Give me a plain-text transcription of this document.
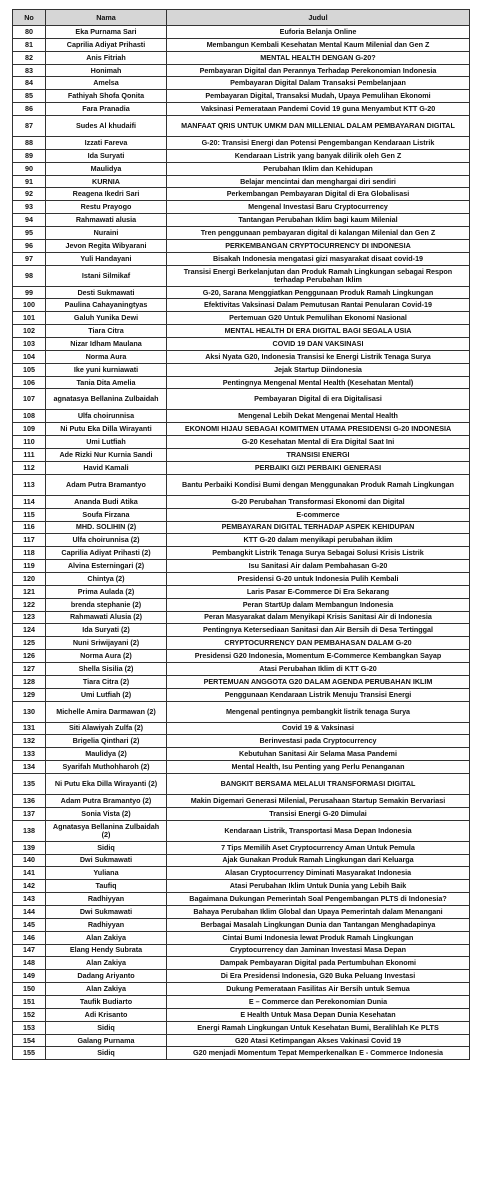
No	Nama	Judul
80	Eka Purnama Sari	Euforia Belanja Online
81	Caprilia Adiyat Prihasti	Membangun Kembali Kesehatan Mental Kaum Milenial dan Gen Z
82	Anis Fitriah	MENTAL HEALTH DENGAN G-20?
83	Honimah	Pembayaran Digital dan Perannya Terhadap Perekonomian Indonesia
84	Amelsa	Pembayaran Digital Dalam Transaksi Pembelanjaan
85	Fathiyah Shofa Qonita	Pembayaran Digital, Transaksi Mudah, Upaya Pemulihan Ekonomi
86	Fara Pranadia	Vaksinasi Pemerataan Pandemi Covid 19 guna Menyambut KTT G-20
87	Sudes Al khudaifi	MANFAAT QRIS UNTUK UMKM DAN MILLENIAL DALAM PEMBAYARAN DIGITAL
88	Izzati Fareva	G-20: Transisi Energi dan Potensi Pengembangan Kendaraan Listrik
89	Ida Suryati	Kendaraan Listrik yang banyak dilirik oleh Gen Z
90	Maulidya	Perubahan Iklim dan Kehidupan
91	KURNIA	Belajar mencintai dan menghargai diri sendiri
92	Reagena Ikedri Sari	Perkembangan Pembayaran Digital di Era Globalisasi
93	Restu Prayogo	Mengenal Investasi Baru Cryptocurrency
94	Rahmawati alusia	Tantangan Perubahan Iklim bagi kaum Milenial
95	Nuraini	Tren penggunaan pembayaran digital di kalangan Milenial dan Gen Z
96	Jevon Regita Wibyarani	PERKEMBANGAN CRYPTOCURRENCY DI INDONESIA
97	Yuli Handayani	Bisakah Indonesia mengatasi gizi masyarakat disaat covid-19
98	Istani Silmikaf	Transisi Energi Berkelanjutan dan Produk Ramah Lingkungan sebagai Respon terhadap Perubahan Iklim
99	Desti Sukmawati	G-20, Sarana Menggiatkan Penggunaan Produk Ramah Lingkungan
100	Paulina Cahayaningtyas	Efektivitas Vaksinasi Dalam Pemutusan Rantai Penularan Covid-19
101	Galuh Yunika Dewi	Pertemuan G20 Untuk Pemulihan Ekonomi Nasional
102	Tiara Citra	MENTAL HEALTH DI ERA DIGITAL BAGI SEGALA USIA
103	Nizar Idham Maulana	COVID 19 DAN VAKSINASI
104	Norma Aura	Aksi Nyata G20, Indonesia Transisi ke Energi Listrik Tenaga Surya
105	Ike yuni kurniawati	Jejak Startup Diindonesia
106	Tania Dita Amelia	Pentingnya Mengenal Mental Health (Kesehatan Mental)
107	agnatasya Bellanina Zulbaidah	Pembayaran Digital di era Digitalisasi
108	Ulfa choirunnisa	Mengenal Lebih Dekat Mengenai Mental Health
109	Ni Putu Eka Dilla Wirayanti	EKONOMI HIJAU SEBAGAI KOMITMEN UTAMA PRESIDENSI G-20 INDONESIA
110	Umi Lutfiah	G-20 Kesehatan Mental di Era Digital Saat Ini
111	Ade Rizki Nur Kurnia Sandi	TRANSISI ENERGI
112	Havid Kamali	PERBAIKI GIZI PERBAIKI GENERASI
113	Adam Putra Bramantyo	Bantu Perbaiki Kondisi Bumi dengan Menggunakan Produk Ramah Lingkungan
114	Ananda Budi Atika	G-20 Perubahan Transformasi Ekonomi dan Digital
115	Soufa Firzana	E-commerce
116	MHD. SOLIHIN (2)	PEMBAYARAN DIGITAL TERHADAP ASPEK KEHIDUPAN
117	Ulfa choirunnisa (2)	KTT G-20 dalam menyikapi perubahan iklim
118	Caprilia Adiyat Prihasti (2)	Pembangkit Listrik Tenaga Surya Sebagai Solusi Krisis Listrik
119	Alvina Esterningari (2)	Isu Sanitasi Air dalam Pembahasan G-20
120	Chintya (2)	Presidensi G-20 untuk Indonesia Pulih Kembali
121	Prima Aulada (2)	Laris Pasar E-Commerce Di Era Sekarang
122	brenda stephanie (2)	Peran StartUp dalam Membangun Indonesia
123	Rahmawati Alusia (2)	Peran Masyarakat dalam Menyikapi Krisis Sanitasi Air di Indonesia
124	Ida Suryati (2)	Pentingnya Ketersediaan Sanitasi dan Air Bersih di Desa Tertinggal
125	Nuni Sriwijayani (2)	CRYPTOCURRENCY DAN PEMBAHASAN DALAM G-20
126	Norma Aura (2)	Presidensi G20 Indonesia, Momentum E-Commerce Kembangkan Sayap
127	Shella Sisilia (2)	Atasi Perubahan Iklim di KTT G-20
128	Tiara Citra (2)	PERTEMUAN ANGGOTA G20 DALAM AGENDA PERUBAHAN IKLIM
129	Umi Lutfiah (2)	Penggunaan Kendaraan Listrik Menuju Transisi Energi
130	Michelle Amira Darmawan (2)	Mengenal pentingnya pembangkit listrik tenaga Surya
131	Siti Alawiyah Zulfa (2)	Covid 19 & Vaksinasi
132	Brigelia Qinthari (2)	Berinvestasi pada Cryptocurrency
133	Maulidya (2)	Kebutuhan Sanitasi Air Selama Masa Pandemi
134	Syarifah Muthohharoh (2)	Mental Health, Isu Penting yang Perlu Penanganan
135	Ni Putu Eka Dilla Wirayanti (2)	BANGKIT BERSAMA MELALUI TRANSFORMASI DIGITAL
136	Adam Putra Bramantyo (2)	Makin Digemari Generasi Milenial, Perusahaan Startup Semakin Bervariasi
137	Sonia Vista (2)	Transisi Energi G-20 Dimulai
138	Agnatasya Bellanina Zulbaidah (2)	Kendaraan Listrik, Transportasi Masa Depan Indonesia
139	Sidiq	7 Tips Memilih Aset Cryptocurrency Aman Untuk Pemula
140	Dwi Sukmawati	Ajak Gunakan Produk Ramah Lingkungan dari Keluarga
141	Yuliana	Alasan Cryptocurrency Diminati Masyarakat Indonesia
142	Taufiq	Atasi Perubahan Iklim Untuk Dunia yang Lebih Baik
143	Radhiyyan	Bagaimana Dukungan Pemerintah Soal Pengembangan PLTS di Indonesia?
144	Dwi Sukmawati	Bahaya Perubahan Iklim Global dan Upaya Pemerintah dalam Menangani
145	Radhiyyan	Berbagai Masalah Lingkungan Dunia dan Tantangan Menghadapinya
146	Alan Zakiya	Cintai Bumi Indonesia lewat Produk Ramah Lingkungan
147	Elang Hendy Subrata	Cryptocurrency dan Jaminan Investasi Masa Depan
148	Alan Zakiya	Dampak Pembayaran Digital pada Pertumbuhan Ekonomi
149	Dadang Ariyanto	Di Era Presidensi Indonesia, G20 Buka Peluang Investasi
150	Alan Zakiya	Dukung Pemerataan Fasilitas Air Bersih untuk Semua
151	Taufik Budiarto	E – Commerce dan Perekonomian Dunia
152	Adi Krisanto	E Health Untuk Masa Depan Dunia Kesehatan
153	Sidiq	Energi Ramah Lingkungan Untuk Kesehatan Bumi, Beralihlah Ke PLTS
154	Galang Purnama	G20 Atasi Ketimpangan Akses Vakinasi Covid 19
155	Sidiq	G20 menjadi Momentum Tepat Memperkenalkan E - Commerce Indonesia
